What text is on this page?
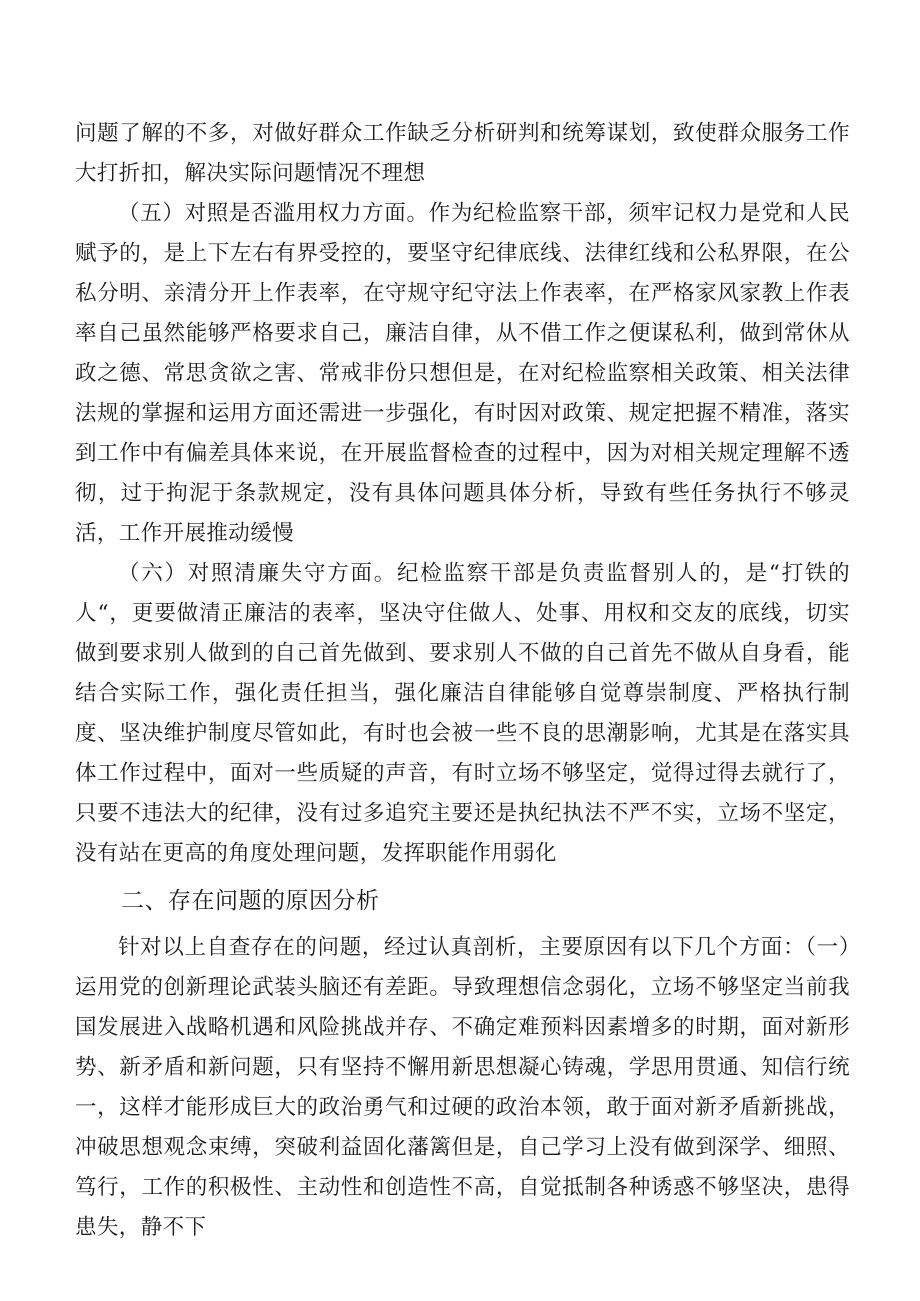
问题了解的不多，对做好群众工作缺乏分析研判和统筹谋划，致使群众服务工作大打折扣，解决实际问题情况不理想

（五）对照是否滥用权力方面。作为纪检监察干部，须牢记权力是党和人民赋予的，是上下左右有界受控的，要坚守纪律底线、法律红线和公私界限，在公私分明、亲清分开上作表率，在守规守纪守法上作表率，在严格家风家教上作表率自己虽然能够严格要求自己，廉洁自律，从不借工作之便谋私利，做到常休从政之德、常思贪欲之害、常戒非份只想但是，在对纪检监察相关政策、相关法律法规的掌握和运用方面还需进一步强化，有时因对政策、规定把握不精准，落实到工作中有偏差具体来说，在开展监督检查的过程中，因为对相关规定理解不透彻，过于拘泥于条款规定，没有具体问题具体分析，导致有些任务执行不够灵活，工作开展推动缓慢

（六）对照清廉失守方面。纪检监察干部是负责监督别人的，是“打铁的人“，更要做清正廉洁的表率，坚决守住做人、处事、用权和交友的底线，切实做到要求别人做到的自己首先做到、要求别人不做的自己首先不做从自身看，能结合实际工作，强化责任担当，强化廉洁自律能够自觉尊崇制度、严格执行制度、坚决维护制度尽管如此，有时也会被一些不良的思潮影响，尤其是在落实具体工作过程中，面对一些质疑的声音，有时立场不够坚定，觉得过得去就行了，只要不违法大的纪律，没有过多追究主要还是执纪执法不严不实，立场不坚定，没有站在更高的角度处理问题，发挥职能作用弱化

二、存在问题的原因分析

针对以上自查存在的问题，经过认真剖析，主要原因有以下几个方面：（一）运用党的创新理论武装头脑还有差距。导致理想信念弱化，立场不够坚定当前我国发展进入战略机遇和风险挑战并存、不确定难预料因素增多的时期，面对新形势、新矛盾和新问题，只有坚持不懈用新思想凝心铸魂，学思用贯通、知信行统一，这样才能形成巨大的政治勇气和过硬的政治本领，敢于面对新矛盾新挑战，冲破思想观念束缚，突破利益固化藩篱但是，自己学习上没有做到深学、细照、笃行，工作的积极性、主动性和创造性不高，自觉抵制各种诱惑不够坚决，患得患失，静不下
